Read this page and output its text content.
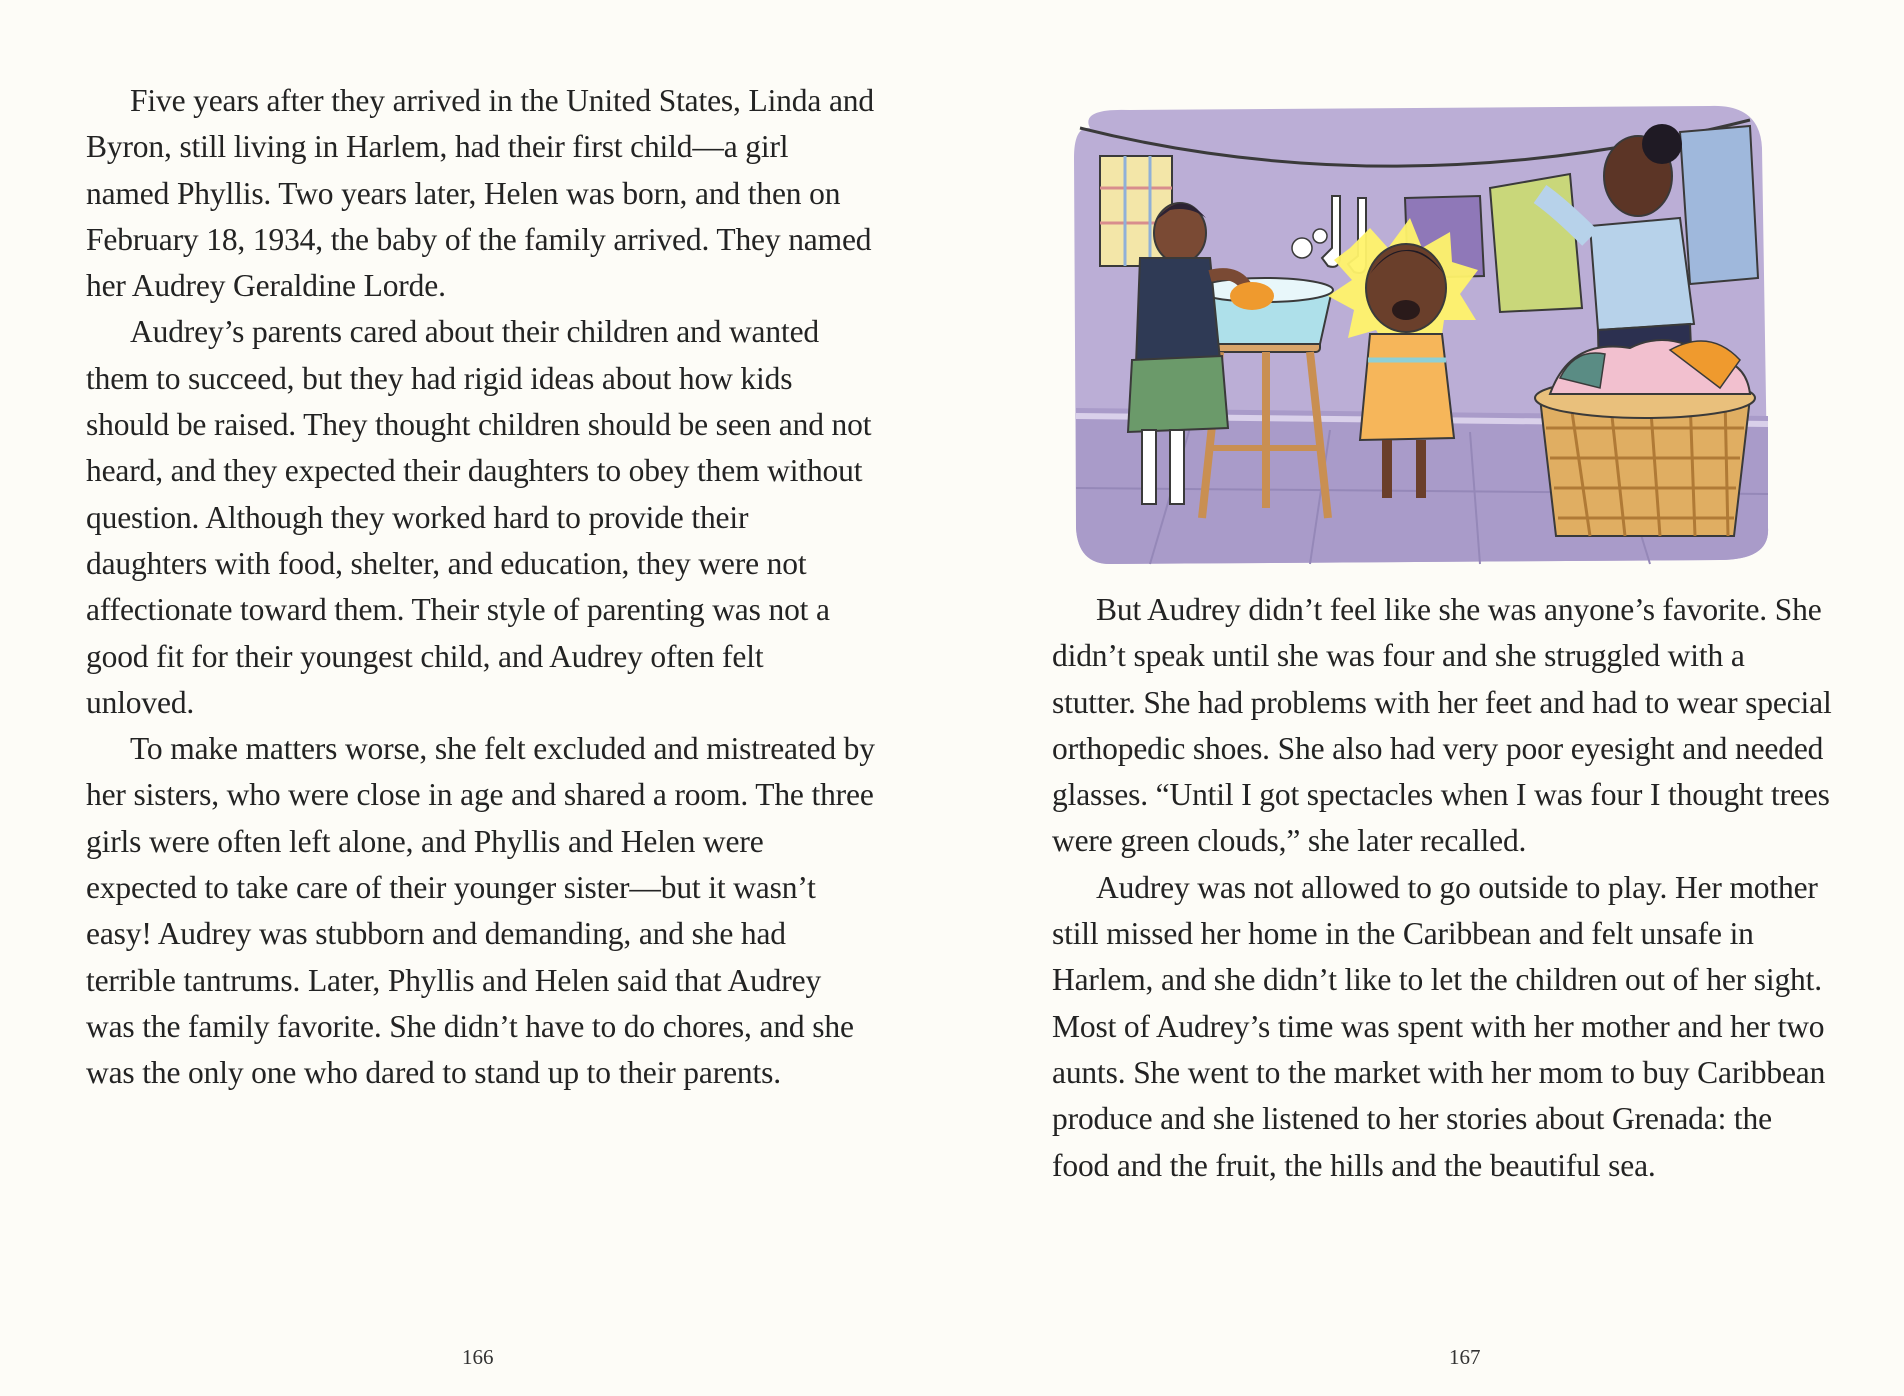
Five years after they arrived in the United States, Linda and Byron, still living in Harlem, had their first child—a girl named Phyllis. Two years later, Helen was born, and then on February 18, 1934, the baby of the family arrived. They named her Audrey Geraldine Lorde.

Audrey’s parents cared about their children and wanted them to succeed, but they had rigid ideas about how kids should be raised. They thought children should be seen and not heard, and they expected their daughters to obey them without question. Although they worked hard to provide their daughters with food, shelter, and education, they were not affectionate toward them. Their style of parenting was not a good fit for their youngest child, and Audrey often felt unloved.

To make matters worse, she felt excluded and mistreated by her sisters, who were close in age and shared a room. The three girls were often left alone, and Phyllis and Helen were expected to take care of their younger sister—but it wasn’t easy! Audrey was stubborn and demanding, and she had terrible tantrums. Later, Phyllis and Helen said that Audrey was the family favorite. She didn’t have to do chores, and she was the only one who dared to stand up to their parents.

166

But Audrey didn’t feel like she was anyone’s favorite. She didn’t speak until she was four and she struggled with a stutter. She had problems with her feet and had to wear special orthopedic shoes. She also had very poor eyesight and needed glasses. “Until I got spectacles when I was four I thought trees were green clouds,” she later recalled.

Audrey was not allowed to go outside to play. Her mother still missed her home in the Caribbean and felt unsafe in Harlem, and she didn’t like to let the children out of her sight. Most of Audrey’s time was spent with her mother and her two aunts. She went to the market with her mom to buy Caribbean produce and she listened to her stories about Grenada: the food and the fruit, the hills and the beautiful sea.

167
